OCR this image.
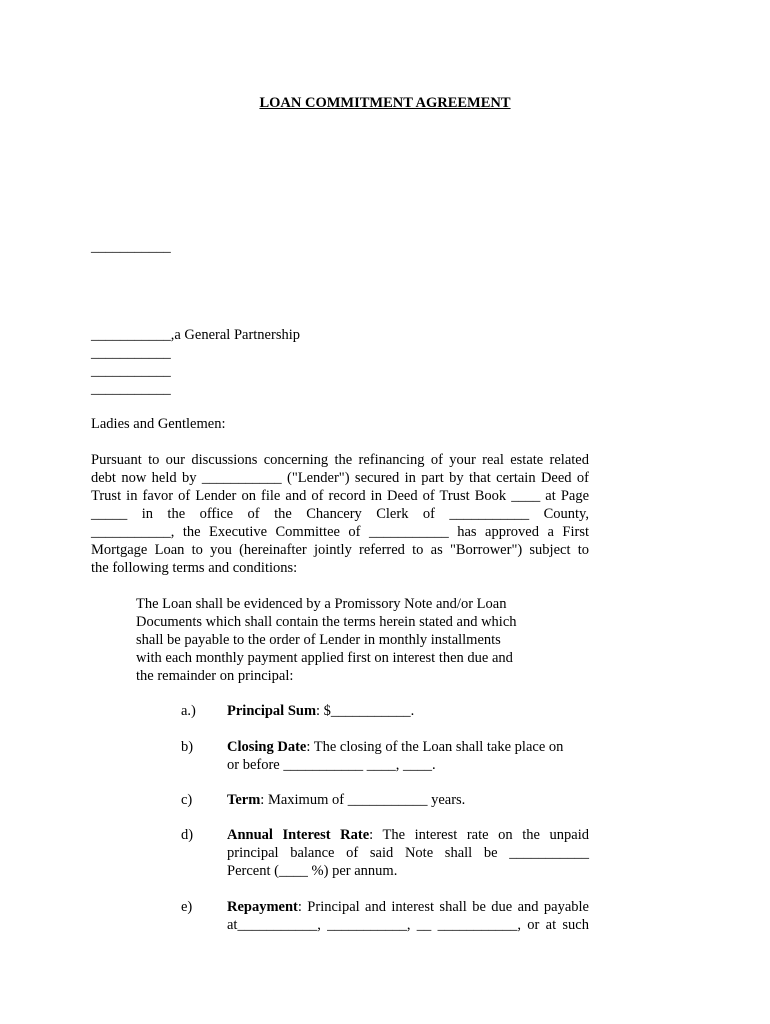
LOAN COMMITMENT AGREEMENT
___________
___________,a General Partnership
___________
___________
___________
Ladies and Gentlemen:
Pursuant to our discussions concerning the refinancing of your real estate related
debt now held by ___________ ("Lender") secured in part by that certain Deed of
Trust in favor of Lender on file and of record in Deed of Trust Book ____ at Page
_____ in the office of the Chancery Clerk of ___________ County,
___________, the Executive Committee of ___________ has approved a First
Mortgage Loan to you (hereinafter jointly referred to as "Borrower") subject to
the following terms and conditions:
The Loan shall be evidenced by a Promissory Note and/or Loan
Documents which shall contain the terms herein stated and which
shall be payable to the order of Lender in monthly installments
with each monthly payment applied first on interest then due and
the remainder on principal:
a.) Principal Sum: $___________.
b) Closing Date: The closing of the Loan shall take place on
or before ___________ ____, ____.
c) Term: Maximum of ___________ years.
d) Annual Interest Rate: The interest rate on the unpaid
principal balance of said Note shall be ___________
Percent (____ %) per annum.
e) Repayment: Principal and interest shall be due and payable
at___________, ___________, __ ___________, or at such
